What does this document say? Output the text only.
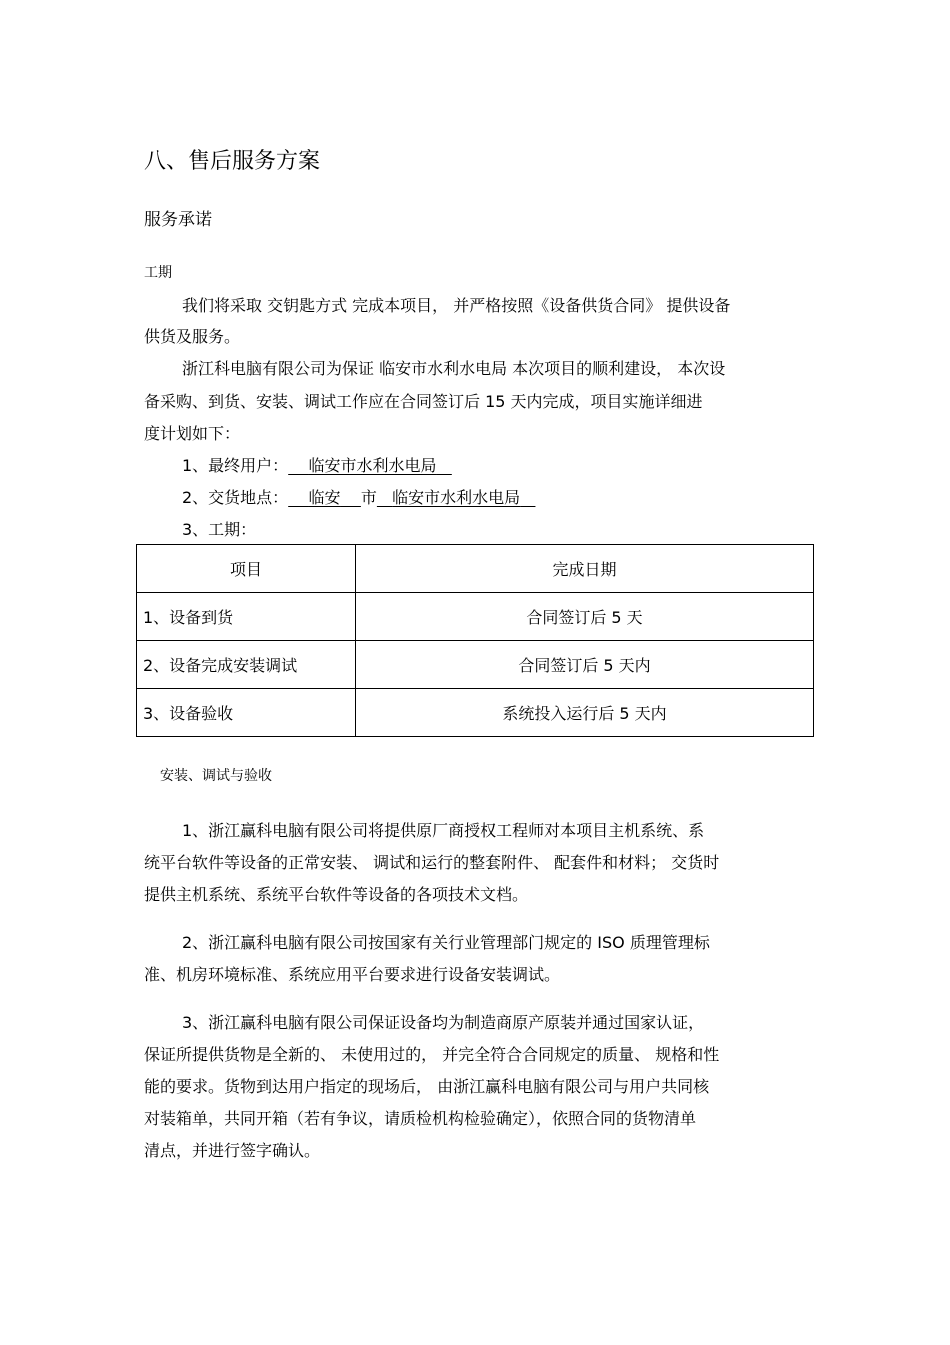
八、售后服务方案
服务承诺
工期
我们将采取 交钥匙方式 完成本项目， 并严格按照《设备供货合同》 提供设备
供货及服务。
浙江科电脑有限公司为保证 临安市水利水电局 本次项目的顺利建设， 本次设
备采购、到货、安装、调试工作应在合同签订后 15 天内完成，项目实施详细进
度计划如下：
1、最终用户： 临安市水利水电局
2、交货地点： 临安 市 临安市水利水电局
3、工期：
项目	完成日期
1、设备到货	合同签订后 5 天
2、设备完成安装调试	合同签订后 5 天内
3、设备验收	系统投入运行后 5 天内
安装、调试与验收
1、浙江赢科电脑有限公司将提供原厂商授权工程师对本项目主机系统、系
统平台软件等设备的正常安装、 调试和运行的整套附件、 配套件和材料； 交货时
提供主机系统、系统平台软件等设备的各项技术文档。
2、浙江赢科电脑有限公司按国家有关行业管理部门规定的 ISO 质理管理标
准、机房环境标准、系统应用平台要求进行设备安装调试。
3、浙江赢科电脑有限公司保证设备均为制造商原产原装并通过国家认证，
保证所提供货物是全新的、 未使用过的， 并完全符合合同规定的质量、 规格和性
能的要求。货物到达用户指定的现场后， 由浙江赢科电脑有限公司与用户共同核
对装箱单，共同开箱（若有争议，请质检机构检验确定），依照合同的货物清单
清点，并进行签字确认。
